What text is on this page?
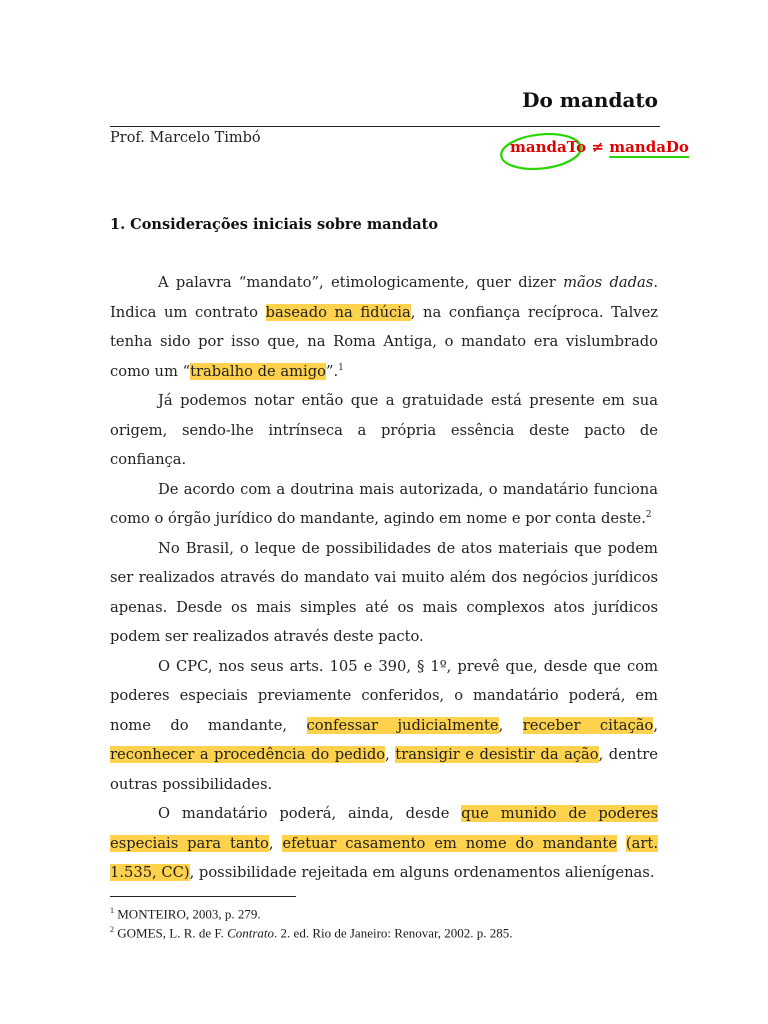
Do mandato
Prof. Marcelo Timbó	mandaTo ≠ mandaDo
1. Considerações iniciais sobre mandato

A palavra “mandato”, etimologicamente, quer dizer mãos dadas. Indica um contrato baseado na fidúcia, na confiança recíproca. Talvez tenha sido por isso que, na Roma Antiga, o mandato era vislumbrado como um “trabalho de amigo”.$^1$

Já podemos notar então que a gratuidade está presente em sua origem, sendo-lhe intrínseca a própria essência deste pacto de confiança.

De acordo com a doutrina mais autorizada, o mandatário funciona como o órgão jurídico do mandante, agindo em nome e por conta deste.$^2$

No Brasil, o leque de possibilidades de atos materiais que podem ser realizados através do mandato vai muito além dos negócios jurídicos apenas. Desde os mais simples até os mais complexos atos jurídicos podem ser realizados através deste pacto.

O CPC, nos seus arts. 105 e 390, § 1º, prevê que, desde que com poderes especiais previamente conferidos, o mandatário poderá, em nome do mandante, confessar judicialmente, receber citação, reconhecer a procedência do pedido, transigir e desistir da ação, dentre outras possibilidades.

O mandatário poderá, ainda, desde que munido de poderes especiais para tanto, efetuar casamento em nome do mandante (art. 1.535, CC), possibilidade rejeitada em alguns ordenamentos alienígenas.

$^1$ MONTEIRO, 2003, p. 279.
$^2$ GOMES, L. R. de F. Contrato. 2. ed. Rio de Janeiro: Renovar, 2002. p. 285.
